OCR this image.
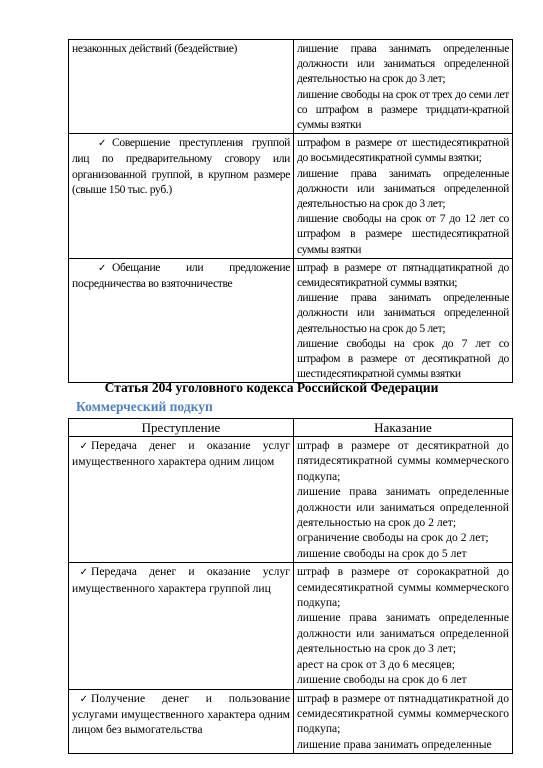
незаконных действий (бездействие)	лишение права занимать определенные должности или заниматься определенной деятельностью на срок до 3 лет;
лишение свободы на срок от трех до семи лет со штрафом в размере тридцати-кратной суммы взятки

✓ Совершение преступления группой лиц по предварительному сговору или организованной группой, в крупном размере (свыше 150 тыс. руб.)	штрафом в размере от шестидесятикратной до восьмидесятикратной суммы взятки;
лишение права занимать определенные должности или заниматься определенной деятельностью на срок до 3 лет;
лишение свободы на срок от 7 до 12 лет со штрафом в размере шестидесятикратной суммы взятки

✓ Обещание или предложение посредничества во взяточничестве	штраф в размере от пятнадцатикратной до семидесятикратной суммы взятки;
лишение права занимать определенные должности или заниматься определенной деятельностью на срок до 5 лет;
лишение свободы на срок до 7 лет со штрафом в размере от десятикратной до шестидесятикратной суммы взятки
Статья 204 уголовного кодекса Российской Федерации
Коммерческий подкуп
Преступление	Наказание
✓ Передача денег и оказание услуг имущественного характера одним лицом	штраф в размере от десятикратной до пятидесятикратной суммы коммерческого подкупа;
лишение права занимать определенные должности или заниматься определенной деятельностью на срок до 2 лет;
ограничение свободы на срок до 2 лет;
лишение свободы на срок до 5 лет

✓ Передача денег и оказание услуг имущественного характера группой лиц	штраф в размере от сорокакратной до семидесятикратной суммы коммерческого подкупа;
лишение права занимать определенные должности или заниматься определенной деятельностью на срок до 3 лет;
арест на срок от 3 до 6 месяцев;
лишение свободы на срок до 6 лет

✓ Получение денег и пользование услугами имущественного характера одним лицом без вымогательства	штраф в размере от пятнадцатикратной до семидесятикратной суммы коммерческого подкупа;
лишение права занимать определенные
